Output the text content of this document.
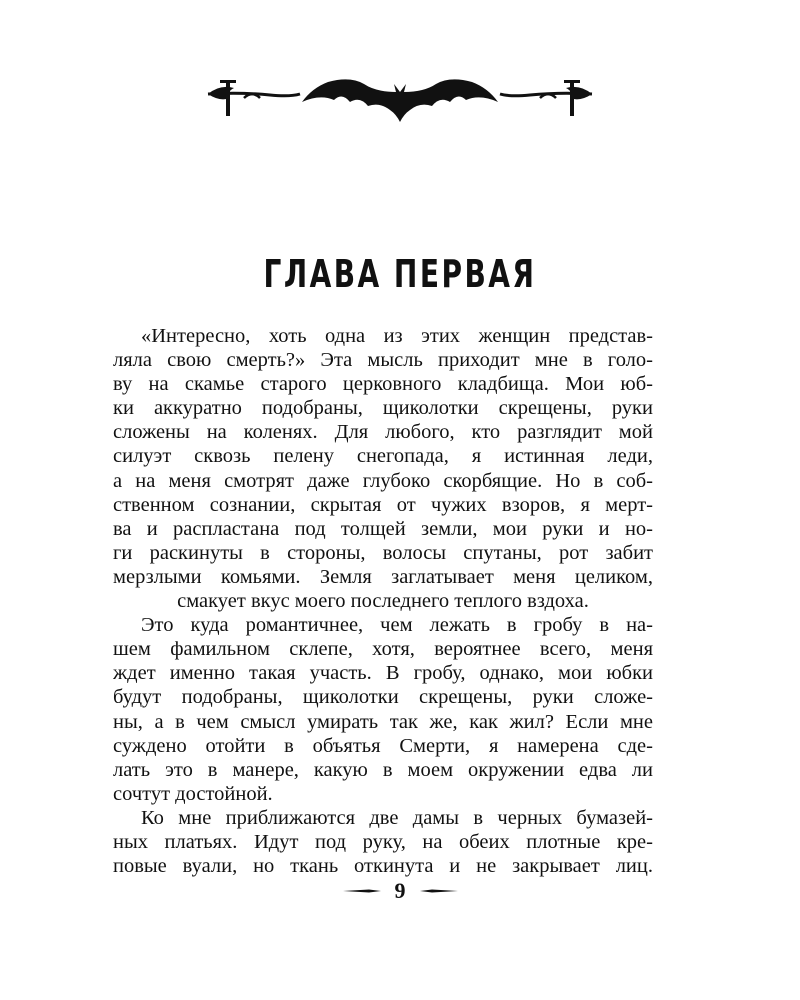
ГЛАВА ПЕРВАЯ
«Интересно, хоть одна из этих женщин представ-
ляла свою смерть?» Эта мысль приходит мне в голо-
ву на скамье старого церковного кладбища. Мои юб-
ки аккуратно подобраны, щиколотки скрещены, руки
сложены на коленях. Для любого, кто разглядит мой
силуэт сквозь пелену снегопада, я истинная леди,
а на меня смотрят даже глубоко скорбящие. Но в соб-
ственном сознании, скрытая от чужих взоров, я мерт-
ва и распластана под толщей земли, мои руки и но-
ги раскинуты в стороны, волосы спутаны, рот забит
мерзлыми комьями. Земля заглатывает меня целиком,
смакует вкус моего последнего теплого вздоха.
Это куда романтичнее, чем лежать в гробу в на-
шем фамильном склепе, хотя, вероятнее всего, меня
ждет именно такая участь. В гробу, однако, мои юбки
будут подобраны, щиколотки скрещены, руки сложе-
ны, а в чем смысл умирать так же, как жил? Если мне
суждено отойти в объятья Смерти, я намерена сде-
лать это в манере, какую в моем окружении едва ли
сочтут достойной.
Ко мне приближаются две дамы в черных бумазей-
ных платьях. Идут под руку, на обеих плотные кре-
повые вуали, но ткань откинута и не закрывает лиц.
9
